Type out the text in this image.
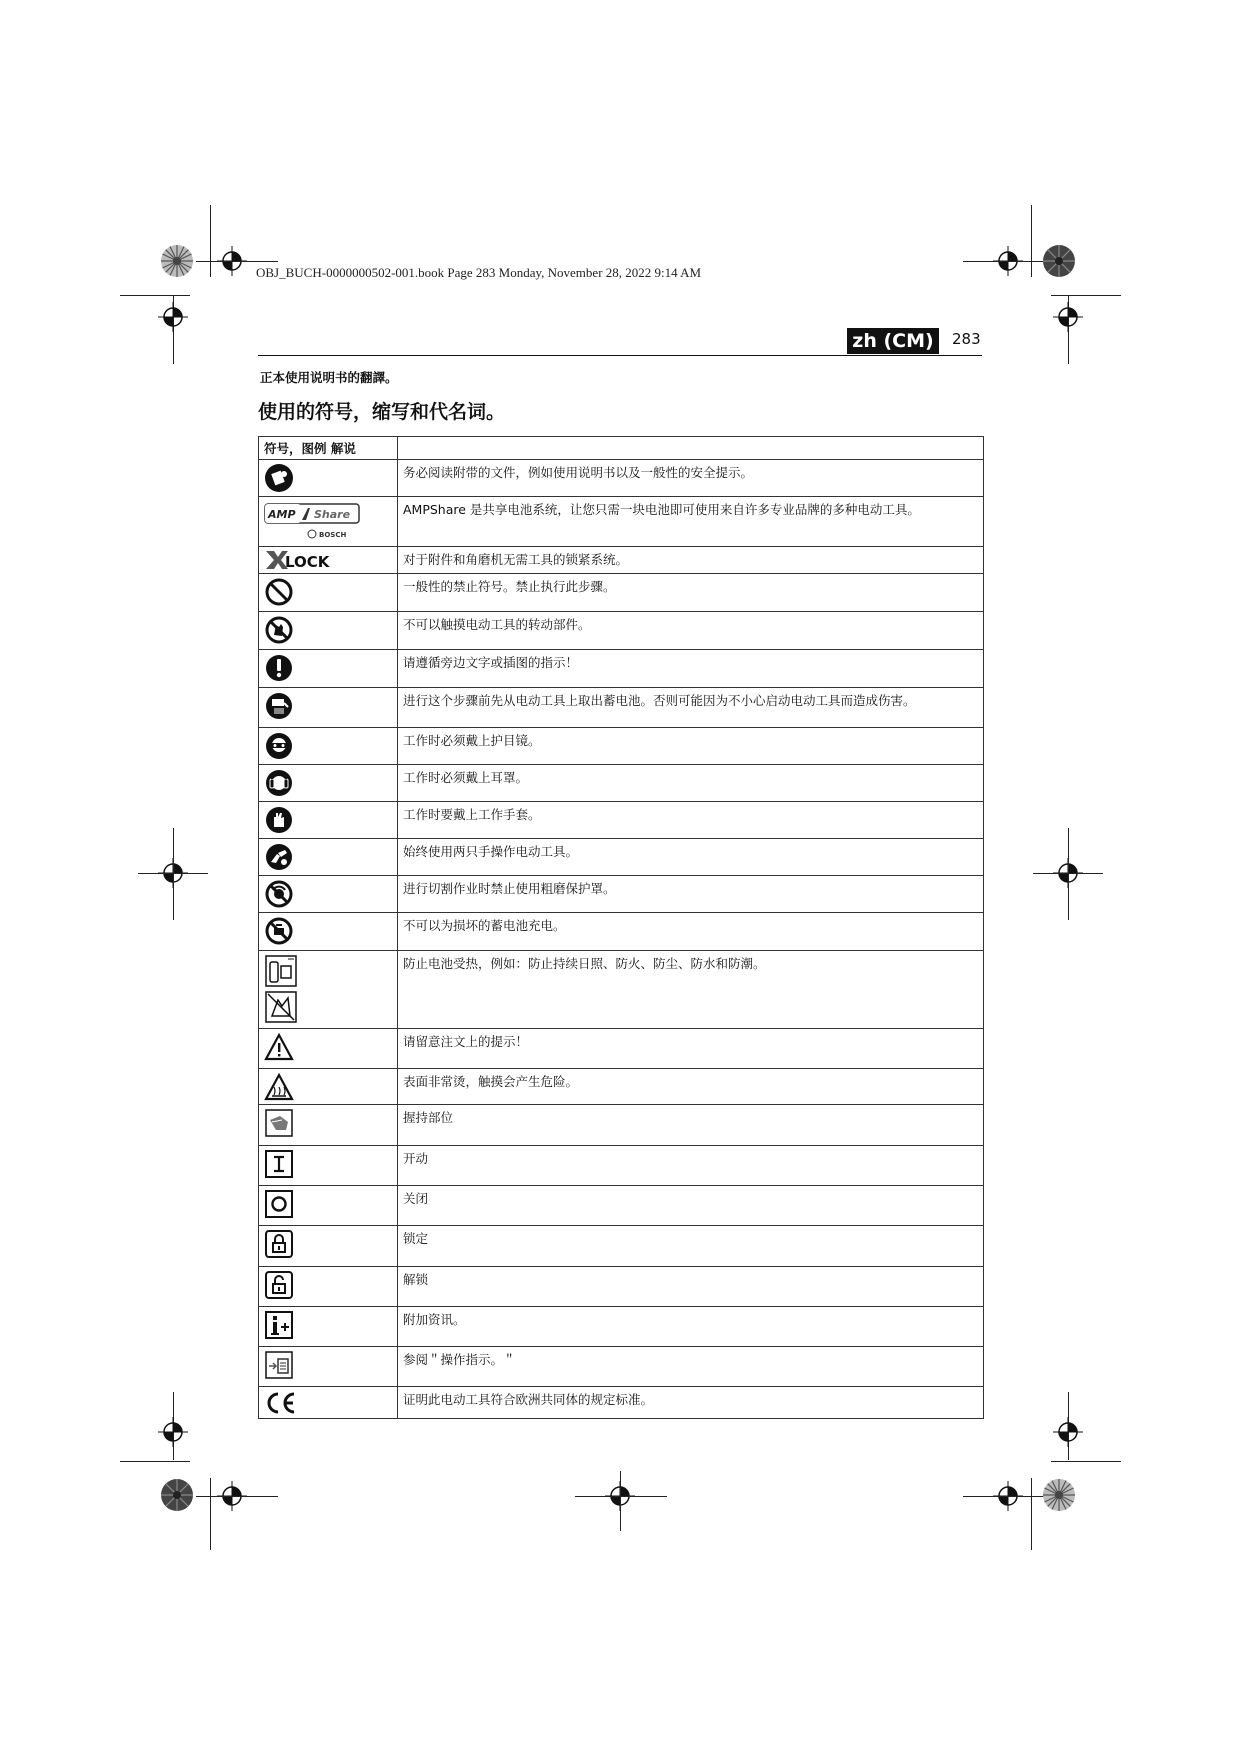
OBJ_BUCH-0000000502-001.book Page 283 Monday, November 28, 2022 9:14 AM
zh (CM)	283
正本使用说明书的翻譯。
使用的符号，缩写和代名词。
符号，图例 解说	

务必阅读附带的文件，例如使用说明书以及一般性的安全提示。

AMP Share
BOSCH	AMPShare 是共享电池系统，让您只需一块电池即可使用来自许多专业品牌的多种电动工具。

LOCK	对于附件和角磨机无需工具的锁紧系统。

一般性的禁止符号。禁止执行此步骤。

不可以触摸电动工具的转动部件。

请遵循旁边文字或插图的指示！

进行这个步骤前先从电动工具上取出蓄电池。否则可能因为不小心启动电动工具而造成伤害。

工作时必须戴上护目镜。

工作时必须戴上耳罩。

工作时要戴上工作手套。

始终使用两只手操作电动工具。

进行切割作业时禁止使用粗磨保护罩。

不可以为损坏的蓄电池充电。

防止电池受热，例如：防止持续日照、防火、防尘、防水和防潮。

请留意注文上的提示！

表面非常烫，触摸会产生危险。

握持部位

开动

关闭

锁定

解锁

附加资讯。

参阅＂操作指示。＂

证明此电动工具符合欧洲共同体的规定标准。
